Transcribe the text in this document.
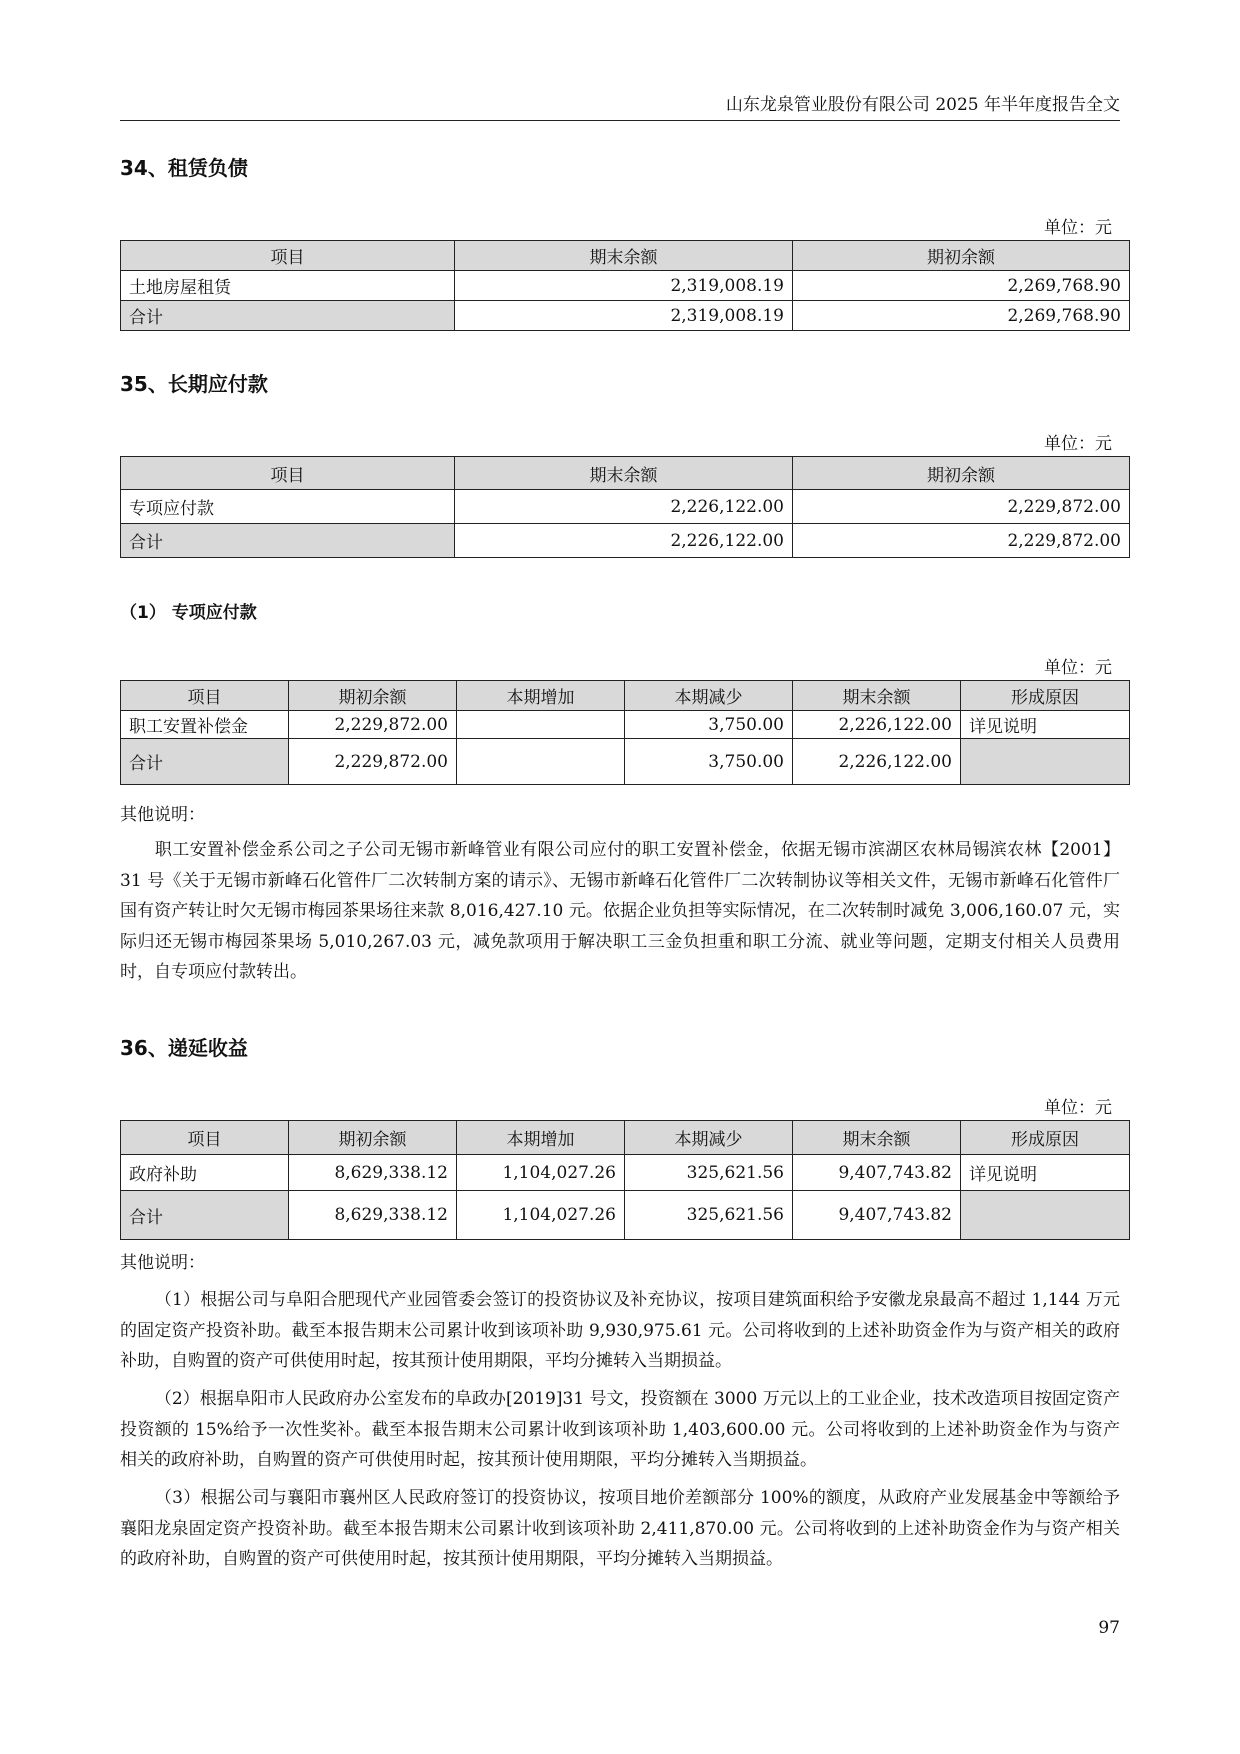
山东龙泉管业股份有限公司 2025 年半年度报告全文
34、租赁负债
单位：元
项目	期末余额	期初余额
土地房屋租赁	2,319,008.19	2,269,768.90
合计	2,319,008.19	2,269,768.90
35、长期应付款
单位：元
项目	期末余额	期初余额
专项应付款	2,226,122.00	2,229,872.00
合计	2,226,122.00	2,229,872.00
（1） 专项应付款
单位：元
项目	期初余额	本期增加	本期减少	期末余额	形成原因
职工安置补偿金	2,229,872.00		3,750.00	2,226,122.00	详见说明
合计	2,229,872.00		3,750.00	2,226,122.00	
其他说明：

职工安置补偿金系公司之子公司无锡市新峰管业有限公司应付的职工安置补偿金，依据无锡市滨湖区农林局锡滨农林【2001】31 号《关于无锡市新峰石化管件厂二次转制方案的请示》、无锡市新峰石化管件厂二次转制协议等相关文件，无锡市新峰石化管件厂国有资产转让时欠无锡市梅园茶果场往来款 8,016,427.10 元。依据企业负担等实际情况，在二次转制时减免 3,006,160.07 元，实际归还无锡市梅园茶果场 5,010,267.03 元，减免款项用于解决职工三金负担重和职工分流、就业等问题，定期支付相关人员费用时，自专项应付款转出。

36、递延收益
单位：元
项目	期初余额	本期增加	本期减少	期末余额	形成原因
政府补助	8,629,338.12	1,104,027.26	325,621.56	9,407,743.82	详见说明
合计	8,629,338.12	1,104,027.26	325,621.56	9,407,743.82	
其他说明：

（1）根据公司与阜阳合肥现代产业园管委会签订的投资协议及补充协议，按项目建筑面积给予安徽龙泉最高不超过 1,144 万元的固定资产投资补助。截至本报告期末公司累计收到该项补助 9,930,975.61 元。公司将收到的上述补助资金作为与资产相关的政府补助，自购置的资产可供使用时起，按其预计使用期限，平均分摊转入当期损益。

（2）根据阜阳市人民政府办公室发布的阜政办[2019]31 号文，投资额在 3000 万元以上的工业企业，技术改造项目按固定资产投资额的 15%给予一次性奖补。截至本报告期末公司累计收到该项补助 1,403,600.00 元。公司将收到的上述补助资金作为与资产相关的政府补助，自购置的资产可供使用时起，按其预计使用期限，平均分摊转入当期损益。

（3）根据公司与襄阳市襄州区人民政府签订的投资协议，按项目地价差额部分 100%的额度，从政府产业发展基金中等额给予襄阳龙泉固定资产投资补助。截至本报告期末公司累计收到该项补助 2,411,870.00 元。公司将收到的上述补助资金作为与资产相关的政府补助，自购置的资产可供使用时起，按其预计使用期限，平均分摊转入当期损益。

97
